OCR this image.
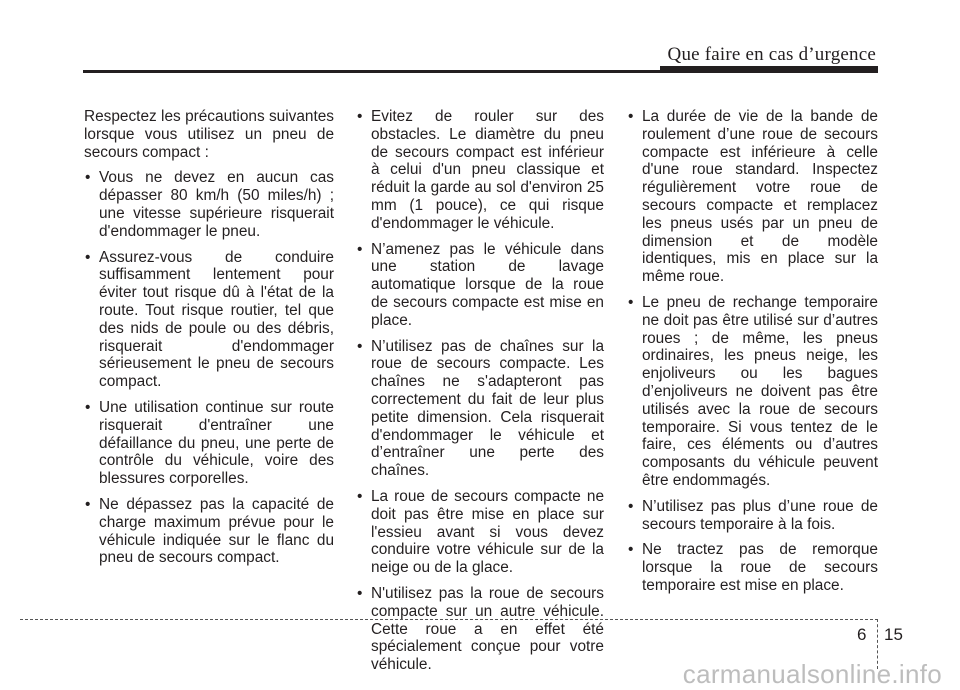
Que faire en cas d’urgence

Respectez les précautions suivantes lorsque vous utilisez un pneu de secours compact :

• Vous ne devez en aucun cas dépasser 80 km/h (50 miles/h) ; une vitesse supérieure risquerait d'endommager le pneu.
• Assurez-vous de conduire suffisamment lentement pour éviter tout risque dû à l'état de la route. Tout risque routier, tel que des nids de poule ou des débris, risquerait d'endommager sérieusement le pneu de secours compact.
• Une utilisation continue sur route risquerait d'entraîner une défaillance du pneu, une perte de contrôle du véhicule, voire des blessures corporelles.
• Ne dépassez pas la capacité de charge maximum prévue pour le véhicule indiquée sur le flanc du pneu de secours compact.
• Evitez de rouler sur des obstacles. Le diamètre du pneu de secours compact est inférieur à celui d'un pneu classique et réduit la garde au sol d'environ 25 mm (1 pouce), ce qui risque d'endommager le véhicule.
• N’amenez pas le véhicule dans une station de lavage automatique lorsque de la roue de secours compacte est mise en place.
• N’utilisez pas de chaînes sur la roue de secours compacte. Les chaînes ne s'adapteront pas correctement du fait de leur plus petite dimension. Cela risquerait d'endommager le véhicule et d’entraîner une perte des chaînes.
• La roue de secours compacte ne doit pas être mise en place sur l'essieu avant si vous devez conduire votre véhicule sur de la neige ou de la glace.
• N'utilisez pas la roue de secours compacte sur un autre véhicule. Cette roue a en effet été spécialement conçue pour votre véhicule.
• La durée de vie de la bande de roulement d’une roue de secours compacte est inférieure à celle d'une roue standard. Inspectez régulièrement votre roue de secours compacte et remplacez les pneus usés par un pneu de dimension et de modèle identiques, mis en place sur la même roue.
• Le pneu de rechange temporaire ne doit pas être utilisé sur d’autres roues ; de même, les pneus ordinaires, les pneus neige, les enjoliveurs ou les bagues d’enjoliveurs ne doivent pas être utilisés avec la roue de secours temporaire. Si vous tentez de le faire, ces éléments ou d’autres composants du véhicule peuvent être endommagés.
• N’utilisez pas plus d’une roue de secours temporaire à la fois.
• Ne tractez pas de remorque lorsque la roue de secours temporaire est mise en place.
6 15
carmanualsonline.info
